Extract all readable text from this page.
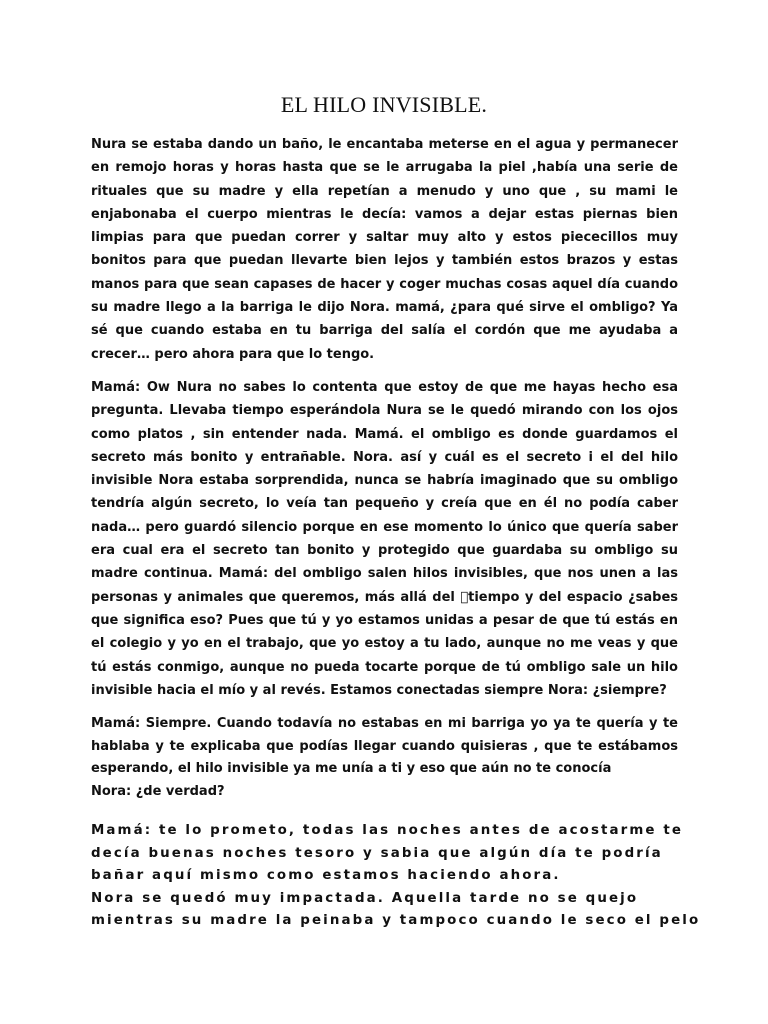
EL HILO INVISIBLE.

Nura se estaba dando un baño, le encantaba meterse en el agua y permanecer en remojo horas y horas hasta que se le arrugaba la piel ,había una serie de rituales que su madre y ella repetían a menudo y uno que , su mami le enjabonaba el cuerpo mientras le decía: vamos a dejar estas piernas bien limpias para que puedan correr y saltar muy alto y estos piececillos muy bonitos para que puedan llevarte bien lejos y también estos brazos y estas manos para que sean capases de hacer y coger muchas cosas aquel día cuando su madre llego a la barriga le dijo Nora. mamá, ¿para qué sirve el ombligo? Ya sé que cuando estaba en tu barriga del salía el cordón que me ayudaba a crecer… pero ahora para que lo tengo.

Mamá: Ow Nura no sabes lo contenta que estoy de que me hayas hecho esa pregunta. Llevaba tiempo esperándola Nura se le quedó mirando con los ojos como platos , sin entender nada. Mamá. el ombligo es donde guardamos el secreto más bonito y entrañable. Nora. así y cuál es el secreto i el del hilo invisible Nora estaba sorprendida, nunca se habría imaginado que su ombligo tendría algún secreto, lo veía tan pequeño y creía que en él no podía caber nada… pero guardó silencio porque en ese momento lo único que quería saber era cual era el secreto tan bonito y protegido que guardaba su ombligo su madre continua. Mamá: del ombligo salen hilos invisibles, que nos unen a las personas y animales que queremos, más allá del  tiempo y del espacio ¿sabes que significa eso? Pues que tú y yo estamos unidas a pesar de que tú estás en el colegio y yo en el trabajo, que yo estoy a tu lado, aunque no me veas y que tú estás conmigo, aunque no pueda tocarte porque de tú ombligo sale un hilo invisible hacia el mío y al revés. Estamos conectadas siempre Nora: ¿siempre?

Mamá: Siempre. Cuando todavía no estabas en mi barriga yo ya te quería y te hablaba y te explicaba que podías llegar cuando quisieras , que te estábamos esperando, el hilo invisible ya me unía a ti y eso que aún no te conocía
Nora: ¿de verdad?
Mamá: te lo prometo, todas las noches antes de acostarme te
decía buenas noches tesoro y sabia que algún día te podría
bañar aquí mismo como estamos haciendo ahora.
Nora se quedó muy impactada. Aquella tarde no se quejo
mientras su madre la peinaba y tampoco cuando le seco el pelo
